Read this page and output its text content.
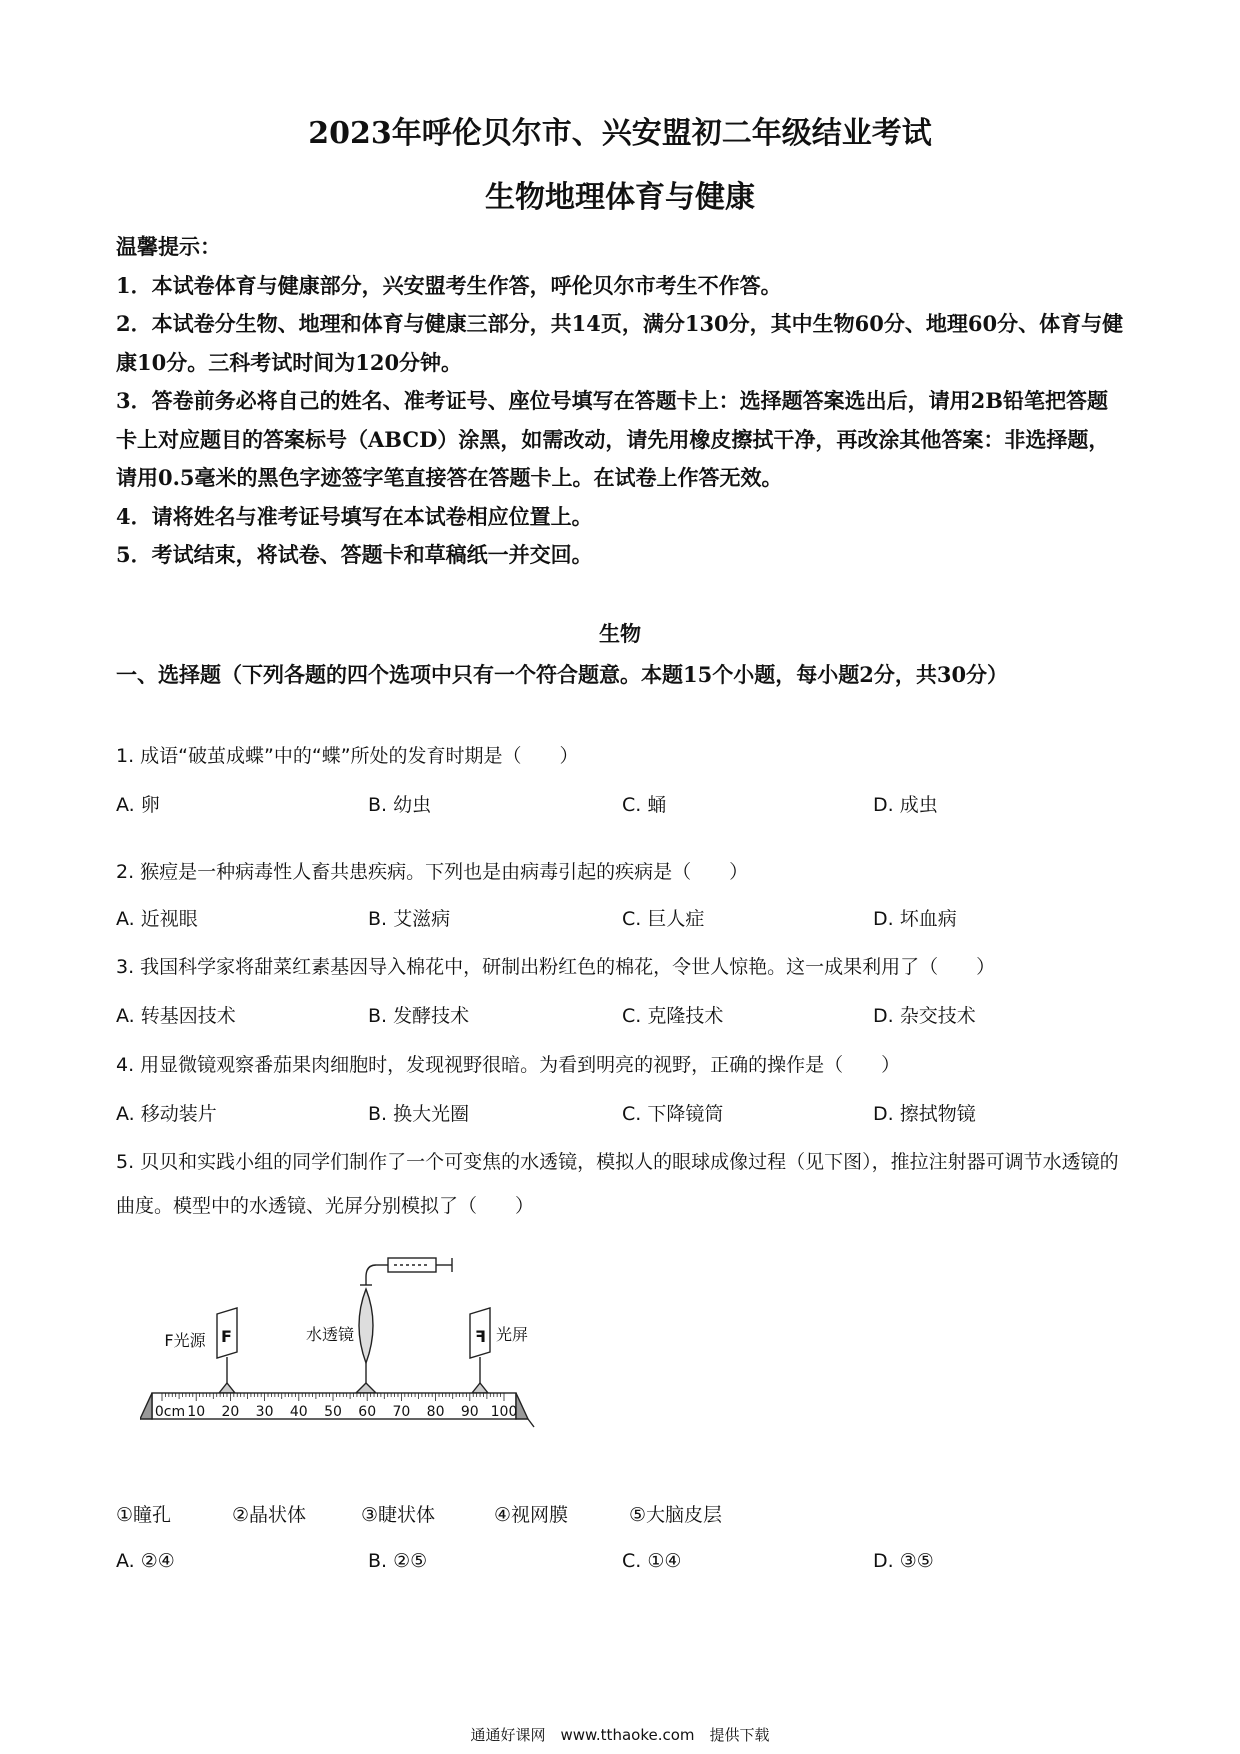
2023年呼伦贝尔市、兴安盟初二年级结业考试
生物地理体育与健康

温馨提示：

1．本试卷体育与健康部分，兴安盟考生作答，呼伦贝尔市考生不作答。

2．本试卷分生物、地理和体育与健康三部分，共14页，满分130分，其中生物60分、地理60分、体育与健康10分。三科考试时间为120分钟。

3．答卷前务必将自己的姓名、准考证号、座位号填写在答题卡上：选择题答案选出后，请用2B铅笔把答题卡上对应题目的答案标号（ABCD）涂黑，如需改动，请先用橡皮擦拭干净，再改涂其他答案：非选择题，请用0.5毫米的黑色字迹签字笔直接答在答题卡上。在试卷上作答无效。

4．请将姓名与准考证号填写在本试卷相应位置上。

5．考试结束，将试卷、答题卡和草稿纸一并交回。

生物
一、选择题（下列各题的四个选项中只有一个符合题意。本题15个小题，每小题2分，共30分）
1. 成语“破茧成蝶”中的“蝶”所处的发育时期是（　　）
A. 卵	B. 幼虫	C. 蛹	D. 成虫
2. 猴痘是一种病毒性人畜共患疾病。下列也是由病毒引起的疾病是（　　）
A. 近视眼	B. 艾滋病	C. 巨人症	D. 坏血病
3. 我国科学家将甜菜红素基因导入棉花中，研制出粉红色的棉花，令世人惊艳。这一成果利用了（　　）
A. 转基因技术	B. 发酵技术	C. 克隆技术	D. 杂交技术
4. 用显微镜观察番茄果肉细胞时，发现视野很暗。为看到明亮的视野，正确的操作是（　　）
A. 移动装片	B. 换大光圈	C. 下降镜筒	D. 擦拭物镜
5. 贝贝和实践小组的同学们制作了一个可变焦的水透镜，模拟人的眼球成像过程（见下图），推拉注射器可调节水透镜的曲度。模型中的水透镜、光屏分别模拟了（　　）
F	F
F光源	水透镜	光屏
0cm 10 20 30 40 50 60 70 80 90 100
①瞳孔	②晶状体	③睫状体	④视网膜	⑤大脑皮层
A. ②④	B. ②⑤	C. ①④	D. ③⑤
通通好课网　www.tthaoke.com　提供下载
